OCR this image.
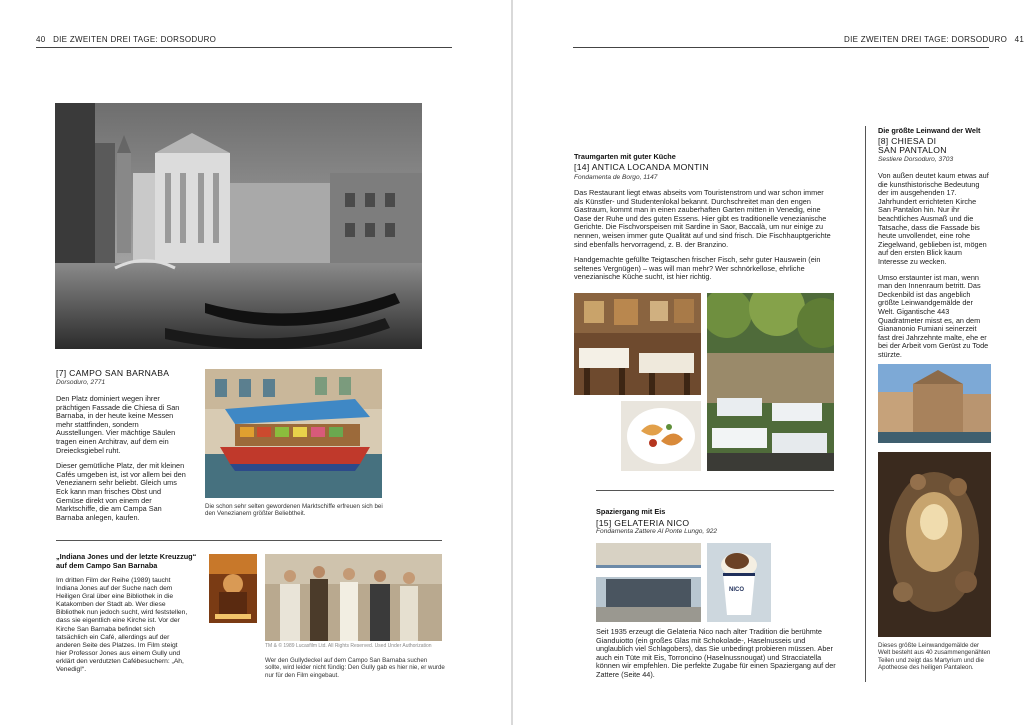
40 DIE ZWEITEN DREI TAGE: DORSODURO
[7] CAMPO SAN BARNABA
Dorsoduro, 2771

Den Platz dominiert wegen ihrer prächtigen Fassade die Chiesa di San Barnaba, in der heute keine Messen mehr stattfinden, sondern Ausstellungen. Vier mächtige Säulen tragen einen Architrav, auf dem ein Dreiecksgiebel ruht.

Dieser gemütliche Platz, der mit kleinen Cafés umgeben ist, ist vor allem bei den Venezianern sehr beliebt. Gleich ums Eck kann man frisches Obst und Gemüse direkt von einem der Marktschiffe, die am Campa San Barnaba anlegen, kaufen.

Die schon sehr selten gewordenen Marktschiffe erfreuen sich bei den Venezianern größter Beliebtheit.
„Indiana Jones und der letzte Kreuzzug“ auf dem Campo San Barnaba
Im dritten Film der Reihe (1989) taucht Indiana Jones auf der Suche nach dem Heiligen Gral über eine Bibliothek in die Katakomben der Stadt ab. Wer diese Bibliothek nun jedoch sucht, wird feststellen, dass sie eigentlich eine Kirche ist. Vor der Kirche San Barnaba befindet sich tatsächlich ein Café, allerdings auf der anderen Seite des Platzes. Im Film steigt hier Professor Jones aus einem Gully und erklärt den verdutzten Cafébesuchern: „Ah, Venedig!“.
TM & © 1989 Lucasfilm Ltd. All Rights Reserved. Used Under Authorization
Wer den Gullydeckel auf dem Campo San Barnaba suchen sollte, wird leider nicht fündig: Den Gully gab es hier nie, er wurde nur für den Film eingebaut.
DIE ZWEITEN DREI TAGE: DORSODURO 41
Traumgarten mit guter Küche
[14] ANTICA LOCANDA MONTIN
Fondamenta de Borgo, 1147

Das Restaurant liegt etwas abseits vom Touristenstrom und war schon immer als Künstler- und Studentenlokal bekannt. Durchschreitet man den engen Gastraum, kommt man in einen zauberhaften Garten mitten in Venedig, eine Oase der Ruhe und des guten Essens. Hier gibt es traditionelle venezianische Gerichte. Die Fischvorspeisen mit Sardine in Saor, Baccalà, um nur einige zu nennen, weisen immer gute Qualität auf und sind frisch. Die Fischhauptgerichte sind ebenfalls hervorragend, z. B. der Branzino.

Handgemachte gefüllte Teigtaschen frischer Fisch, sehr guter Hauswein (ein seltenes Vergnügen) – was will man mehr? Wer schnörkellose, ehrliche venezianische Küche sucht, ist hier richtig.

Spaziergang mit Eis
[15] GELATERIA NICO
Fondamenta Zattere Al Ponte Lungo, 922
NICO
Seit 1935 erzeugt die Gelateria Nico nach alter Tradition die berühmte Gianduiotto (ein großes Glas mit Schokolade-, Haselnusseis und unglaublich viel Schlagobers), das Sie unbedingt probieren müssen. Aber auch ein Tüte mit Eis, Torroncino (Haselnussnougat) und Stracciatella können wir empfehlen. Die perfekte Zugabe für einen Spaziergang auf der Zattere (Seite 44).
Die größte Leinwand der Welt
[8] CHIESA DI
SAN PANTALON
Sestiere Dorsoduro, 3703

Von außen deutet kaum etwas auf die kunsthistorische Bedeutung der im ausgehenden 17. Jahrhundert errichteten Kirche San Pantalon hin. Nur ihr beachtliches Ausmaß und die Tatsache, dass die Fassade bis heute unvollendet, eine rohe Ziegelwand, geblieben ist, mögen auf den ersten Blick kaum Interesse zu wecken.

Umso erstaunter ist man, wenn man den Innenraum betritt. Das Deckenbild ist das angeblich größte Leinwandgemälde der Welt. Gigantische 443 Quadratmeter misst es, an dem Giananonio Fumiani seinerzeit fast drei Jahrzehnte malte, ehe er bei der Arbeit vom Gerüst zu Tode stürzte.

Dieses größte Leinwandgemälde der Welt besteht aus 40 zusammengenähten Teilen und zeigt das Martyrium und die Apotheose des heiligen Pantaleon.
